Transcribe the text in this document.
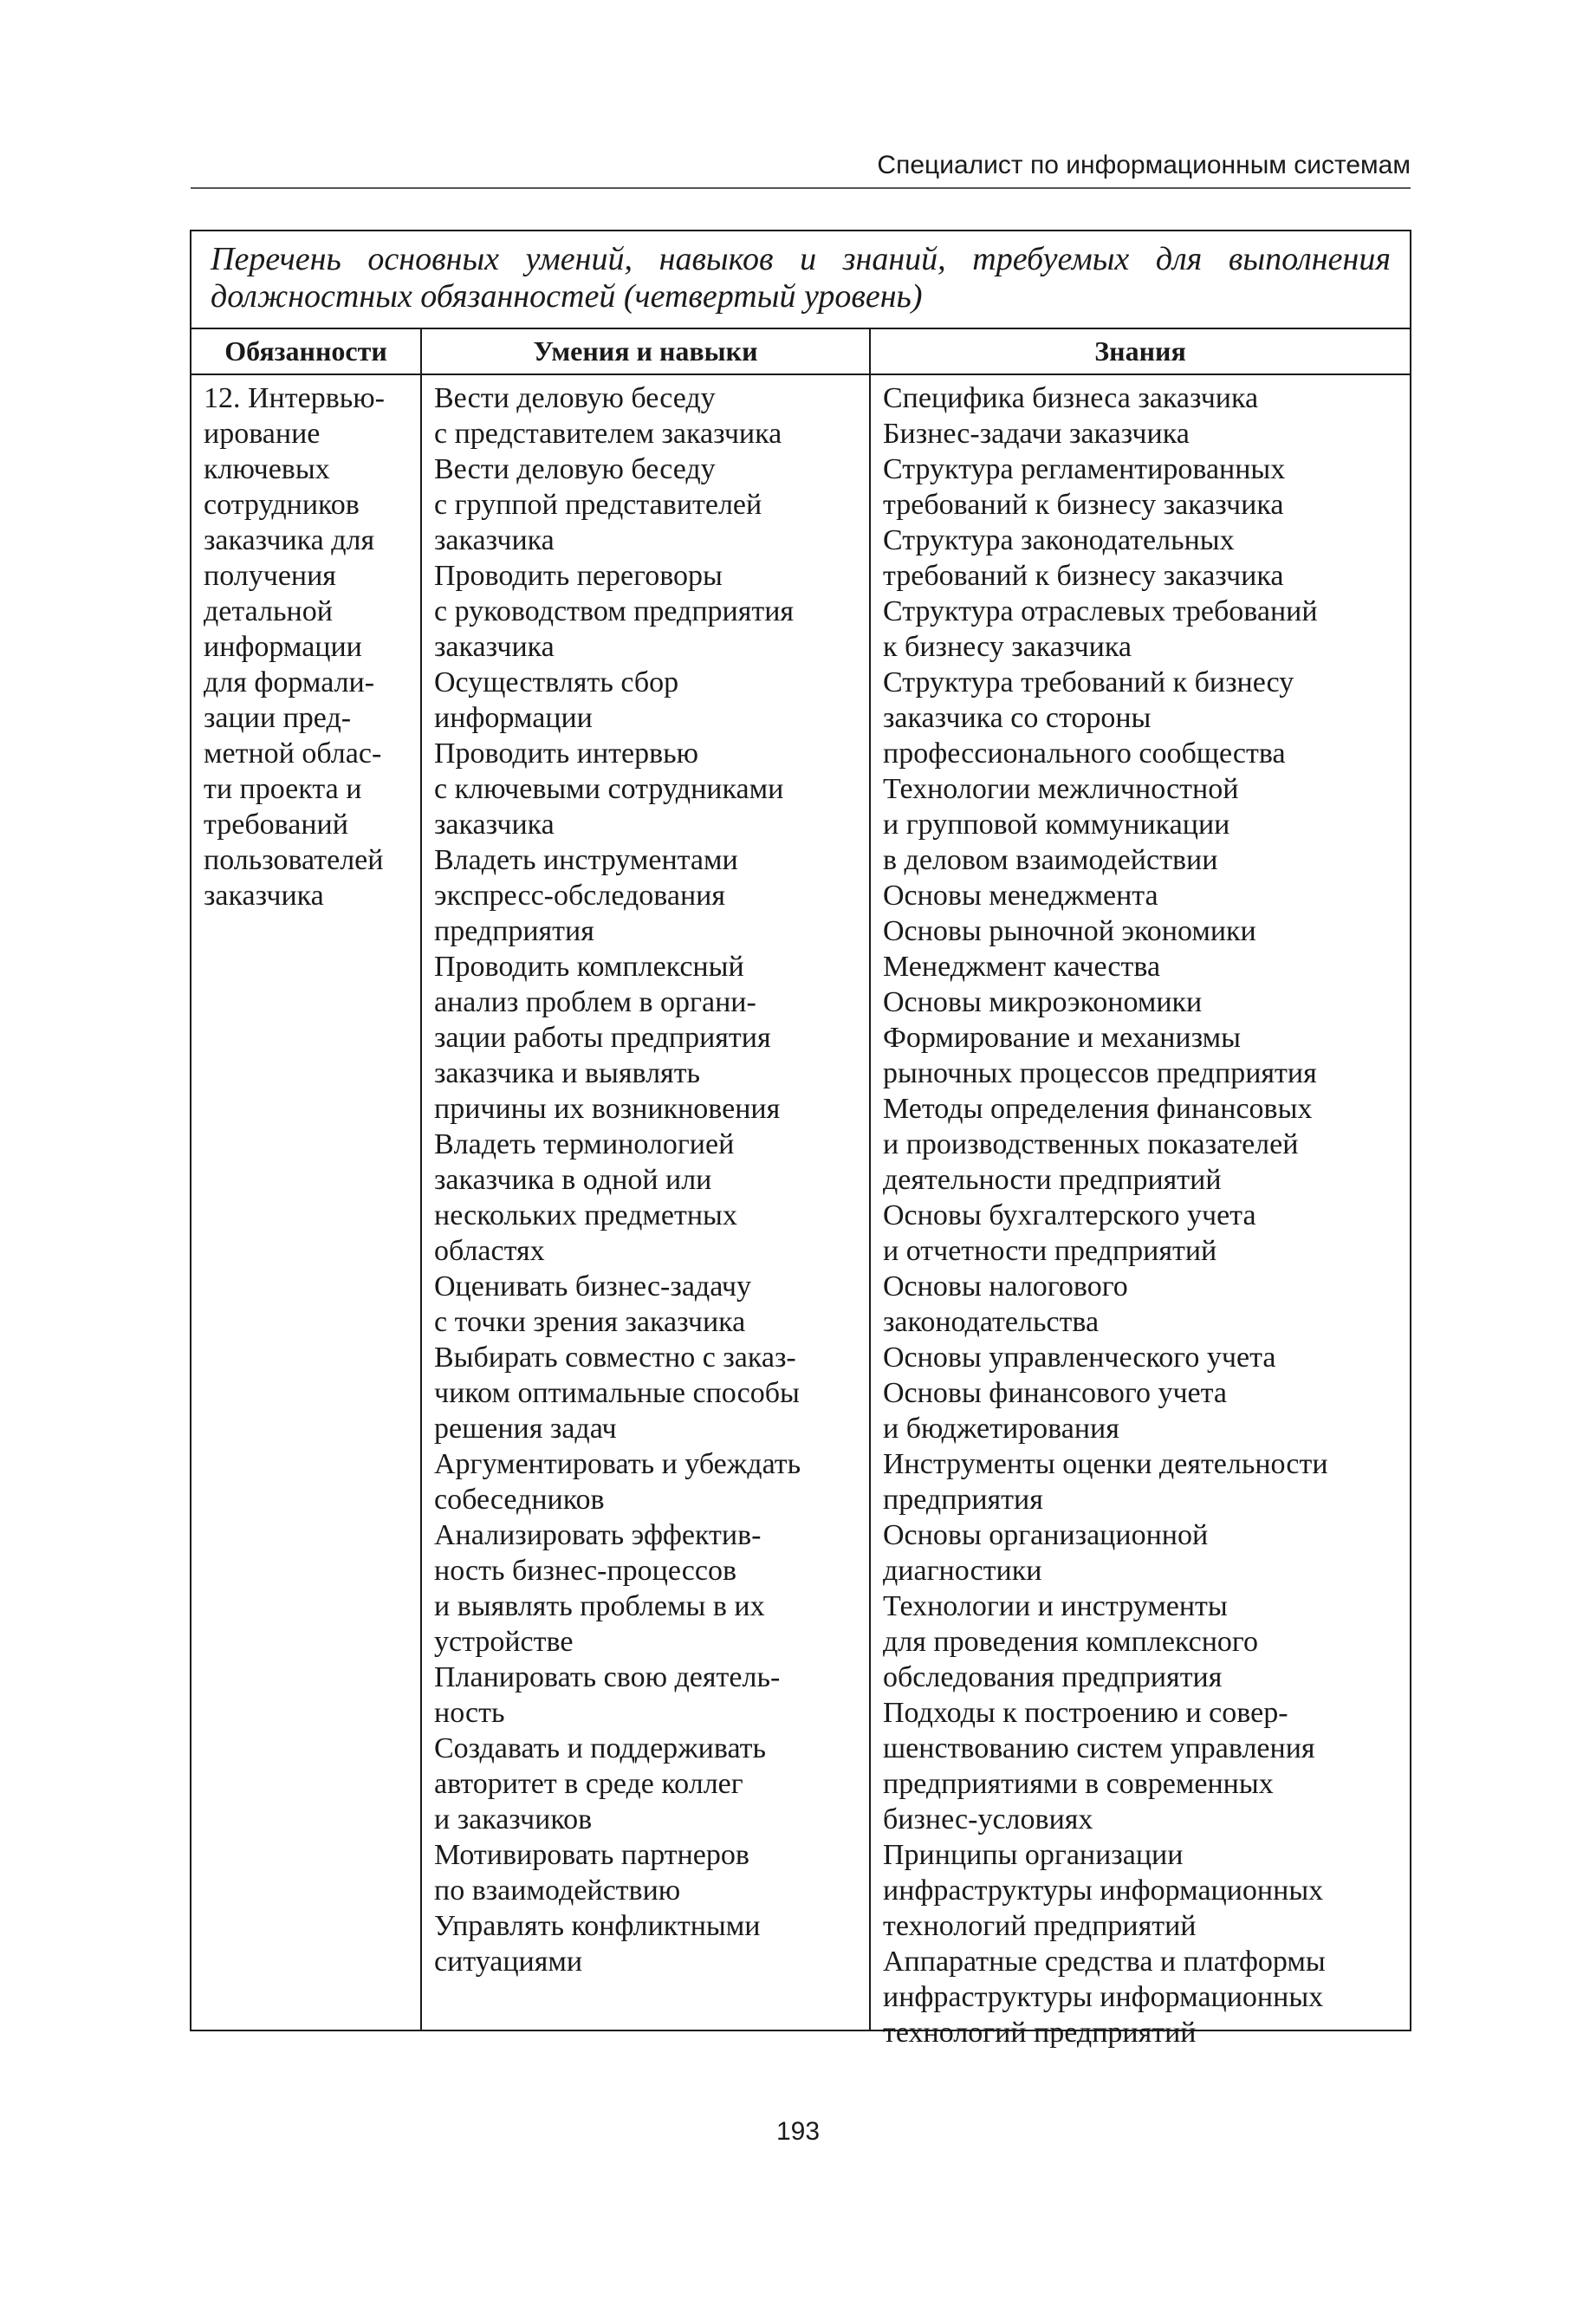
Специалист по информационным системам
Перечень основных умений, навыков и знаний, требуемых для выполнения должностных обязанностей (четвертый уровень)
Обязанности	Умения и навыки	Знания
12. Интервью-
ирование
ключевых
сотрудников
заказчика для
получения
детальной
информации
для формали-
зации пред-
метной облас-
ти проекта и
требований
пользователей
заказчика
Вести деловую беседу
с представителем заказчика
Вести деловую беседу
с группой представителей
заказчика
Проводить переговоры
с руководством предприятия
заказчика
Осуществлять сбор
информации
Проводить интервью
с ключевыми сотрудниками
заказчика
Владеть инструментами
экспресс-обследования
предприятия
Проводить комплексный
анализ проблем в органи-
зации работы предприятия
заказчика и выявлять
причины их возникновения
Владеть терминологией
заказчика в одной или
нескольких предметных
областях
Оценивать бизнес-задачу
с точки зрения заказчика
Выбирать совместно с заказ-
чиком оптимальные способы
решения задач
Аргументировать и убеждать
собеседников
Анализировать эффектив-
ность бизнес-процессов
и выявлять проблемы в их
устройстве
Планировать свою деятель-
ность
Создавать и поддерживать
авторитет в среде коллег
и заказчиков
Мотивировать партнеров
по взаимодействию
Управлять конфликтными
ситуациями
Специфика бизнеса заказчика
Бизнес-задачи заказчика
Структура регламентированных
требований к бизнесу заказчика
Структура законодательных
требований к бизнесу заказчика
Структура отраслевых требований
к бизнесу заказчика
Структура требований к бизнесу
заказчика со стороны
профессионального сообщества
Технологии межличностной
и групповой коммуникации
в деловом взаимодействии
Основы менеджмента
Основы рыночной экономики
Менеджмент качества
Основы микроэкономики
Формирование и механизмы
рыночных процессов предприятия
Методы определения финансовых
и производственных показателей
деятельности предприятий
Основы бухгалтерского учета
и отчетности предприятий
Основы налогового
законодательства
Основы управленческого учета
Основы финансового учета
и бюджетирования
Инструменты оценки деятельности
предприятия
Основы организационной
диагностики
Технологии и инструменты
для проведения комплексного
обследования предприятия
Подходы к построению и совер-
шенствованию систем управления
предприятиями в современных
бизнес-условиях
Принципы организации
инфраструктуры информационных
технологий предприятий
Аппаратные средства и платформы
инфраструктуры информационных
технологий предприятий
193
